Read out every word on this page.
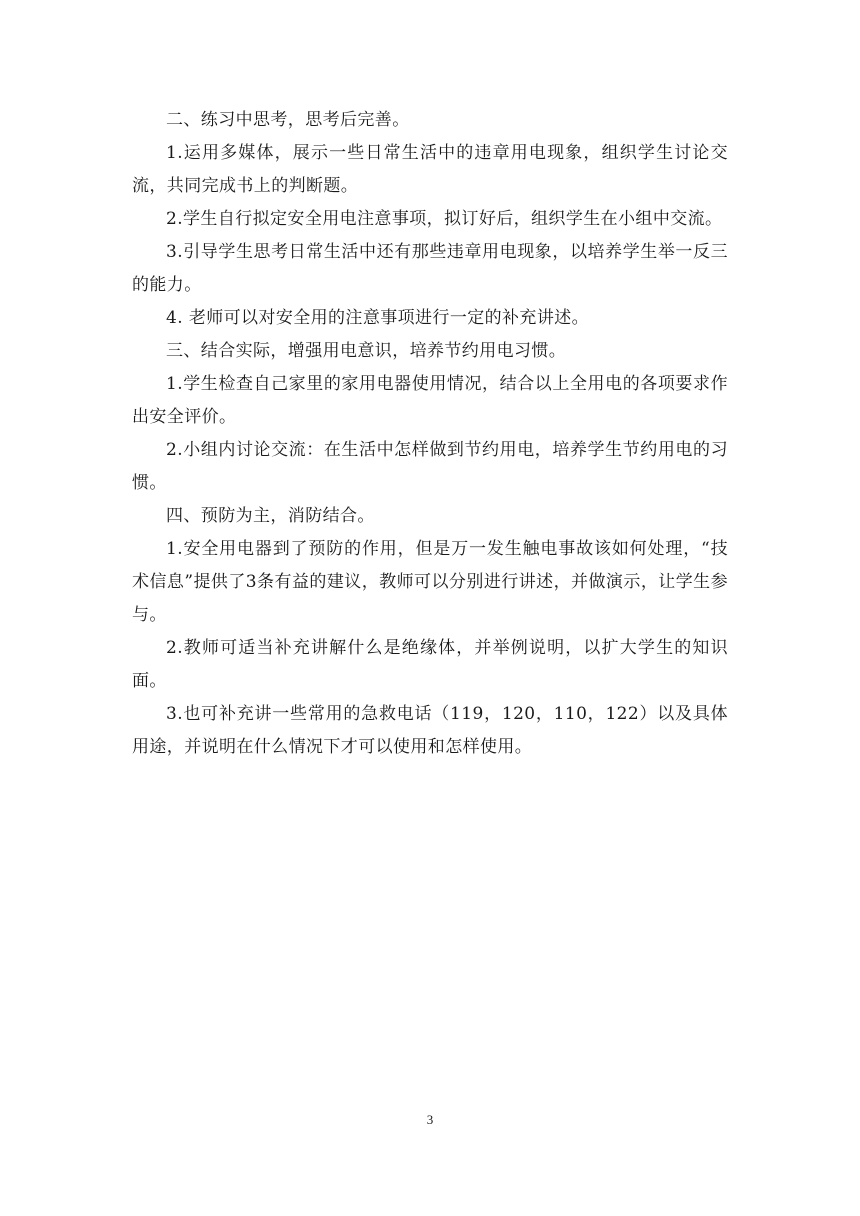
二、练习中思考，思考后完善。

1.运用多媒体，展示一些日常生活中的违章用电现象，组织学生讨论交流，共同完成书上的判断题。

2.学生自行拟定安全用电注意事项，拟订好后，组织学生在小组中交流。

3.引导学生思考日常生活中还有那些违章用电现象，以培养学生举一反三的能力。

4. 老师可以对安全用的注意事项进行一定的补充讲述。

三、结合实际，增强用电意识，培养节约用电习惯。

1.学生检查自己家里的家用电器使用情况，结合以上全用电的各项要求作出安全评价。

2.小组内讨论交流：在生活中怎样做到节约用电，培养学生节约用电的习惯。

四、预防为主，消防结合。

1.安全用电器到了预防的作用，但是万一发生触电事故该如何处理，“技术信息”提供了3条有益的建议，教师可以分别进行讲述，并做演示，让学生参与。

2.教师可适当补充讲解什么是绝缘体，并举例说明，以扩大学生的知识面。

3.也可补充讲一些常用的急救电话（119，120，110，122）以及具体用途，并说明在什么情况下才可以使用和怎样使用。

3
